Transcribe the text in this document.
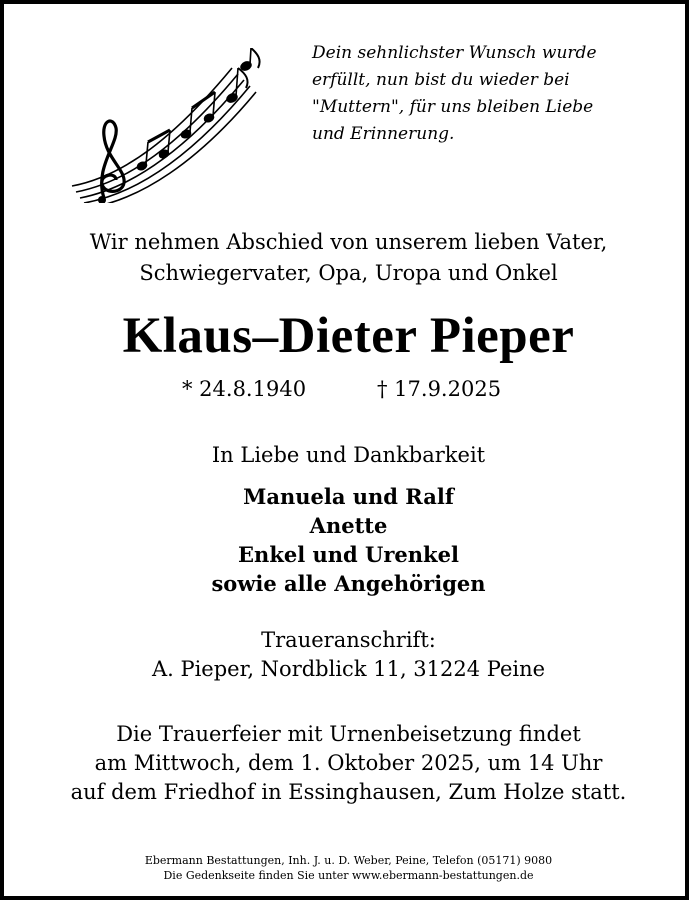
Dein sehnlichster Wunsch wurde
erfüllt, nun bist du wieder bei
"Muttern", für uns bleiben Liebe
und Erinnerung.
Wir nehmen Abschied von unserem lieben Vater,
Schwiegervater, Opa, Uropa und Onkel
Klaus–Dieter Pieper
* 24.8.1940	† 17.9.2025
In Liebe und Dankbarkeit
Manuela und Ralf
Anette
Enkel und Urenkel
sowie alle Angehörigen
Traueranschrift:
A. Pieper, Nordblick 11, 31224 Peine
Die Trauerfeier mit Urnenbeisetzung findet
am Mittwoch, dem 1. Oktober 2025, um 14 Uhr
auf dem Friedhof in Essinghausen, Zum Holze statt.
Ebermann Bestattungen, Inh. J. u. D. Weber, Peine, Telefon (05171) 9080
Die Gedenkseite finden Sie unter www.ebermann-bestattungen.de
